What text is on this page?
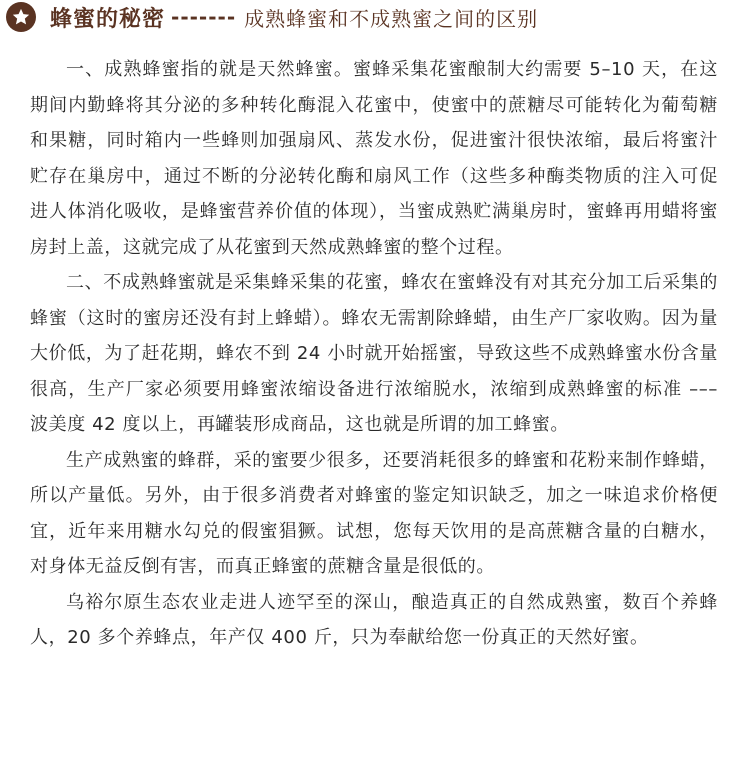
蜂蜜的秘密 ------- 成熟蜂蜜和不成熟蜜之间的区别

一、成熟蜂蜜指的就是天然蜂蜜。蜜蜂采集花蜜酿制大约需要 5–10 天，在这期间内勤蜂将其分泌的多种转化酶混入花蜜中，使蜜中的蔗糖尽可能转化为葡萄糖和果糖，同时箱内一些蜂则加强扇风、蒸发水份，促进蜜汁很快浓缩，最后将蜜汁贮存在巢房中，通过不断的分泌转化酶和扇风工作（这些多种酶类物质的注入可促进人体消化吸收，是蜂蜜营养价值的体现），当蜜成熟贮满巢房时，蜜蜂再用蜡将蜜房封上盖，这就完成了从花蜜到天然成熟蜂蜜的整个过程。

二、不成熟蜂蜜就是采集蜂采集的花蜜，蜂农在蜜蜂没有对其充分加工后采集的蜂蜜（这时的蜜房还没有封上蜂蜡）。蜂农无需割除蜂蜡，由生产厂家收购。因为量大价低，为了赶花期，蜂农不到 24 小时就开始摇蜜，导致这些不成熟蜂蜜水份含量很高，生产厂家必须要用蜂蜜浓缩设备进行浓缩脱水，浓缩到成熟蜂蜜的标准 ––– 波美度 42 度以上，再罐装形成商品，这也就是所谓的加工蜂蜜。

生产成熟蜜的蜂群，采的蜜要少很多，还要消耗很多的蜂蜜和花粉来制作蜂蜡，所以产量低。另外，由于很多消费者对蜂蜜的鉴定知识缺乏，加之一味追求价格便宜，近年来用糖水勾兑的假蜜猖獗。试想，您每天饮用的是高蔗糖含量的白糖水，对身体无益反倒有害，而真正蜂蜜的蔗糖含量是很低的。

乌裕尔原生态农业走进人迹罕至的深山，酿造真正的自然成熟蜜，数百个养蜂人，20 多个养蜂点，年产仅 400 斤，只为奉献给您一份真正的天然好蜜。
